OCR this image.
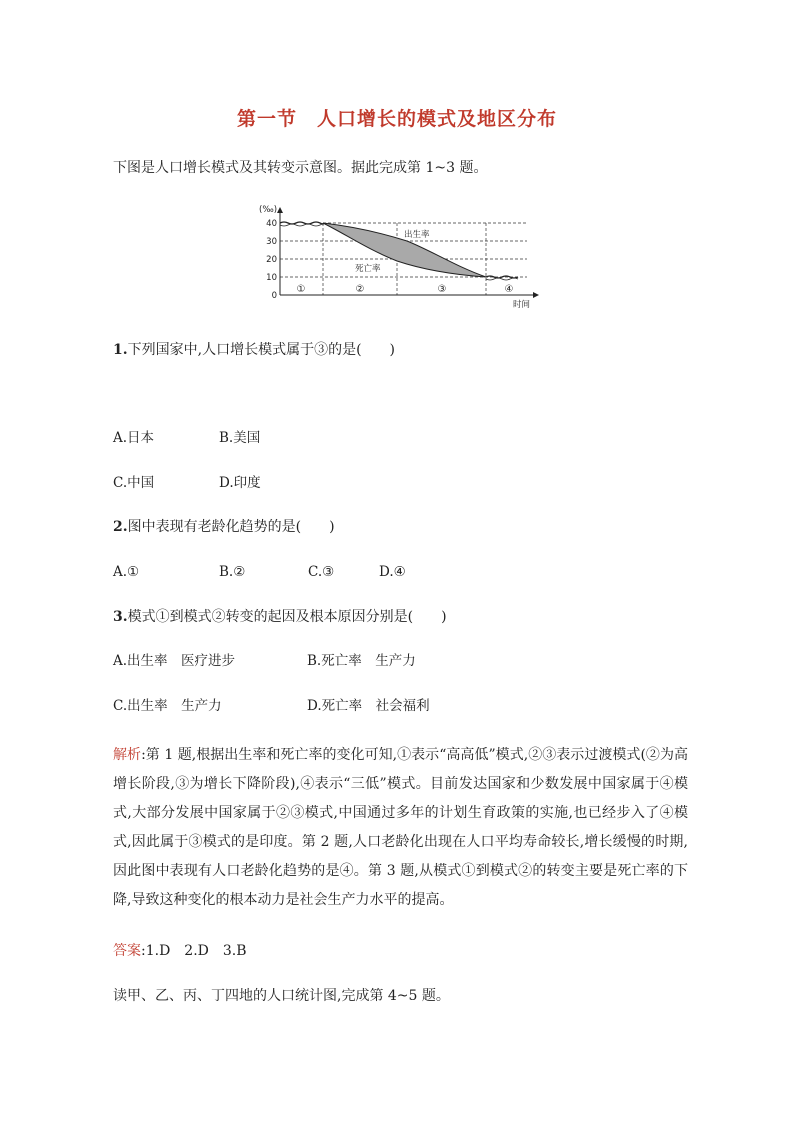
第一节　人口增长的模式及地区分布
下图是人口增长模式及其转变示意图。据此完成第 1~3 题。
(‰)
40
30
20
10
0
出生率
死亡率
①	②	③	④
时间
1.下列国家中,人口增长模式属于③的是(　　)
A.日本	B.美国
C.中国	D.印度
2.图中表现有老龄化趋势的是(　　)
A.①	B.②	C.③	D.④
3.模式①到模式②转变的起因及根本原因分别是(　　)
A.出生率　医疗进步	B.死亡率　生产力
C.出生率　生产力	D.死亡率　社会福利
解析:第 1 题,根据出生率和死亡率的变化可知,①表示“高高低”模式,②③表示过渡模式(②为高增长阶段,③为增长下降阶段),④表示“三低”模式。目前发达国家和少数发展中国家属于④模式,大部分发展中国家属于②③模式,中国通过多年的计划生育政策的实施,也已经步入了④模式,因此属于③模式的是印度。第 2 题,人口老龄化出现在人口平均寿命较长,增长缓慢的时期,因此图中表现有人口老龄化趋势的是④。第 3 题,从模式①到模式②的转变主要是死亡率的下降,导致这种变化的根本动力是社会生产力水平的提高。
答案:1.D　2.D　3.B
读甲、乙、丙、丁四地的人口统计图,完成第 4~5 题。
